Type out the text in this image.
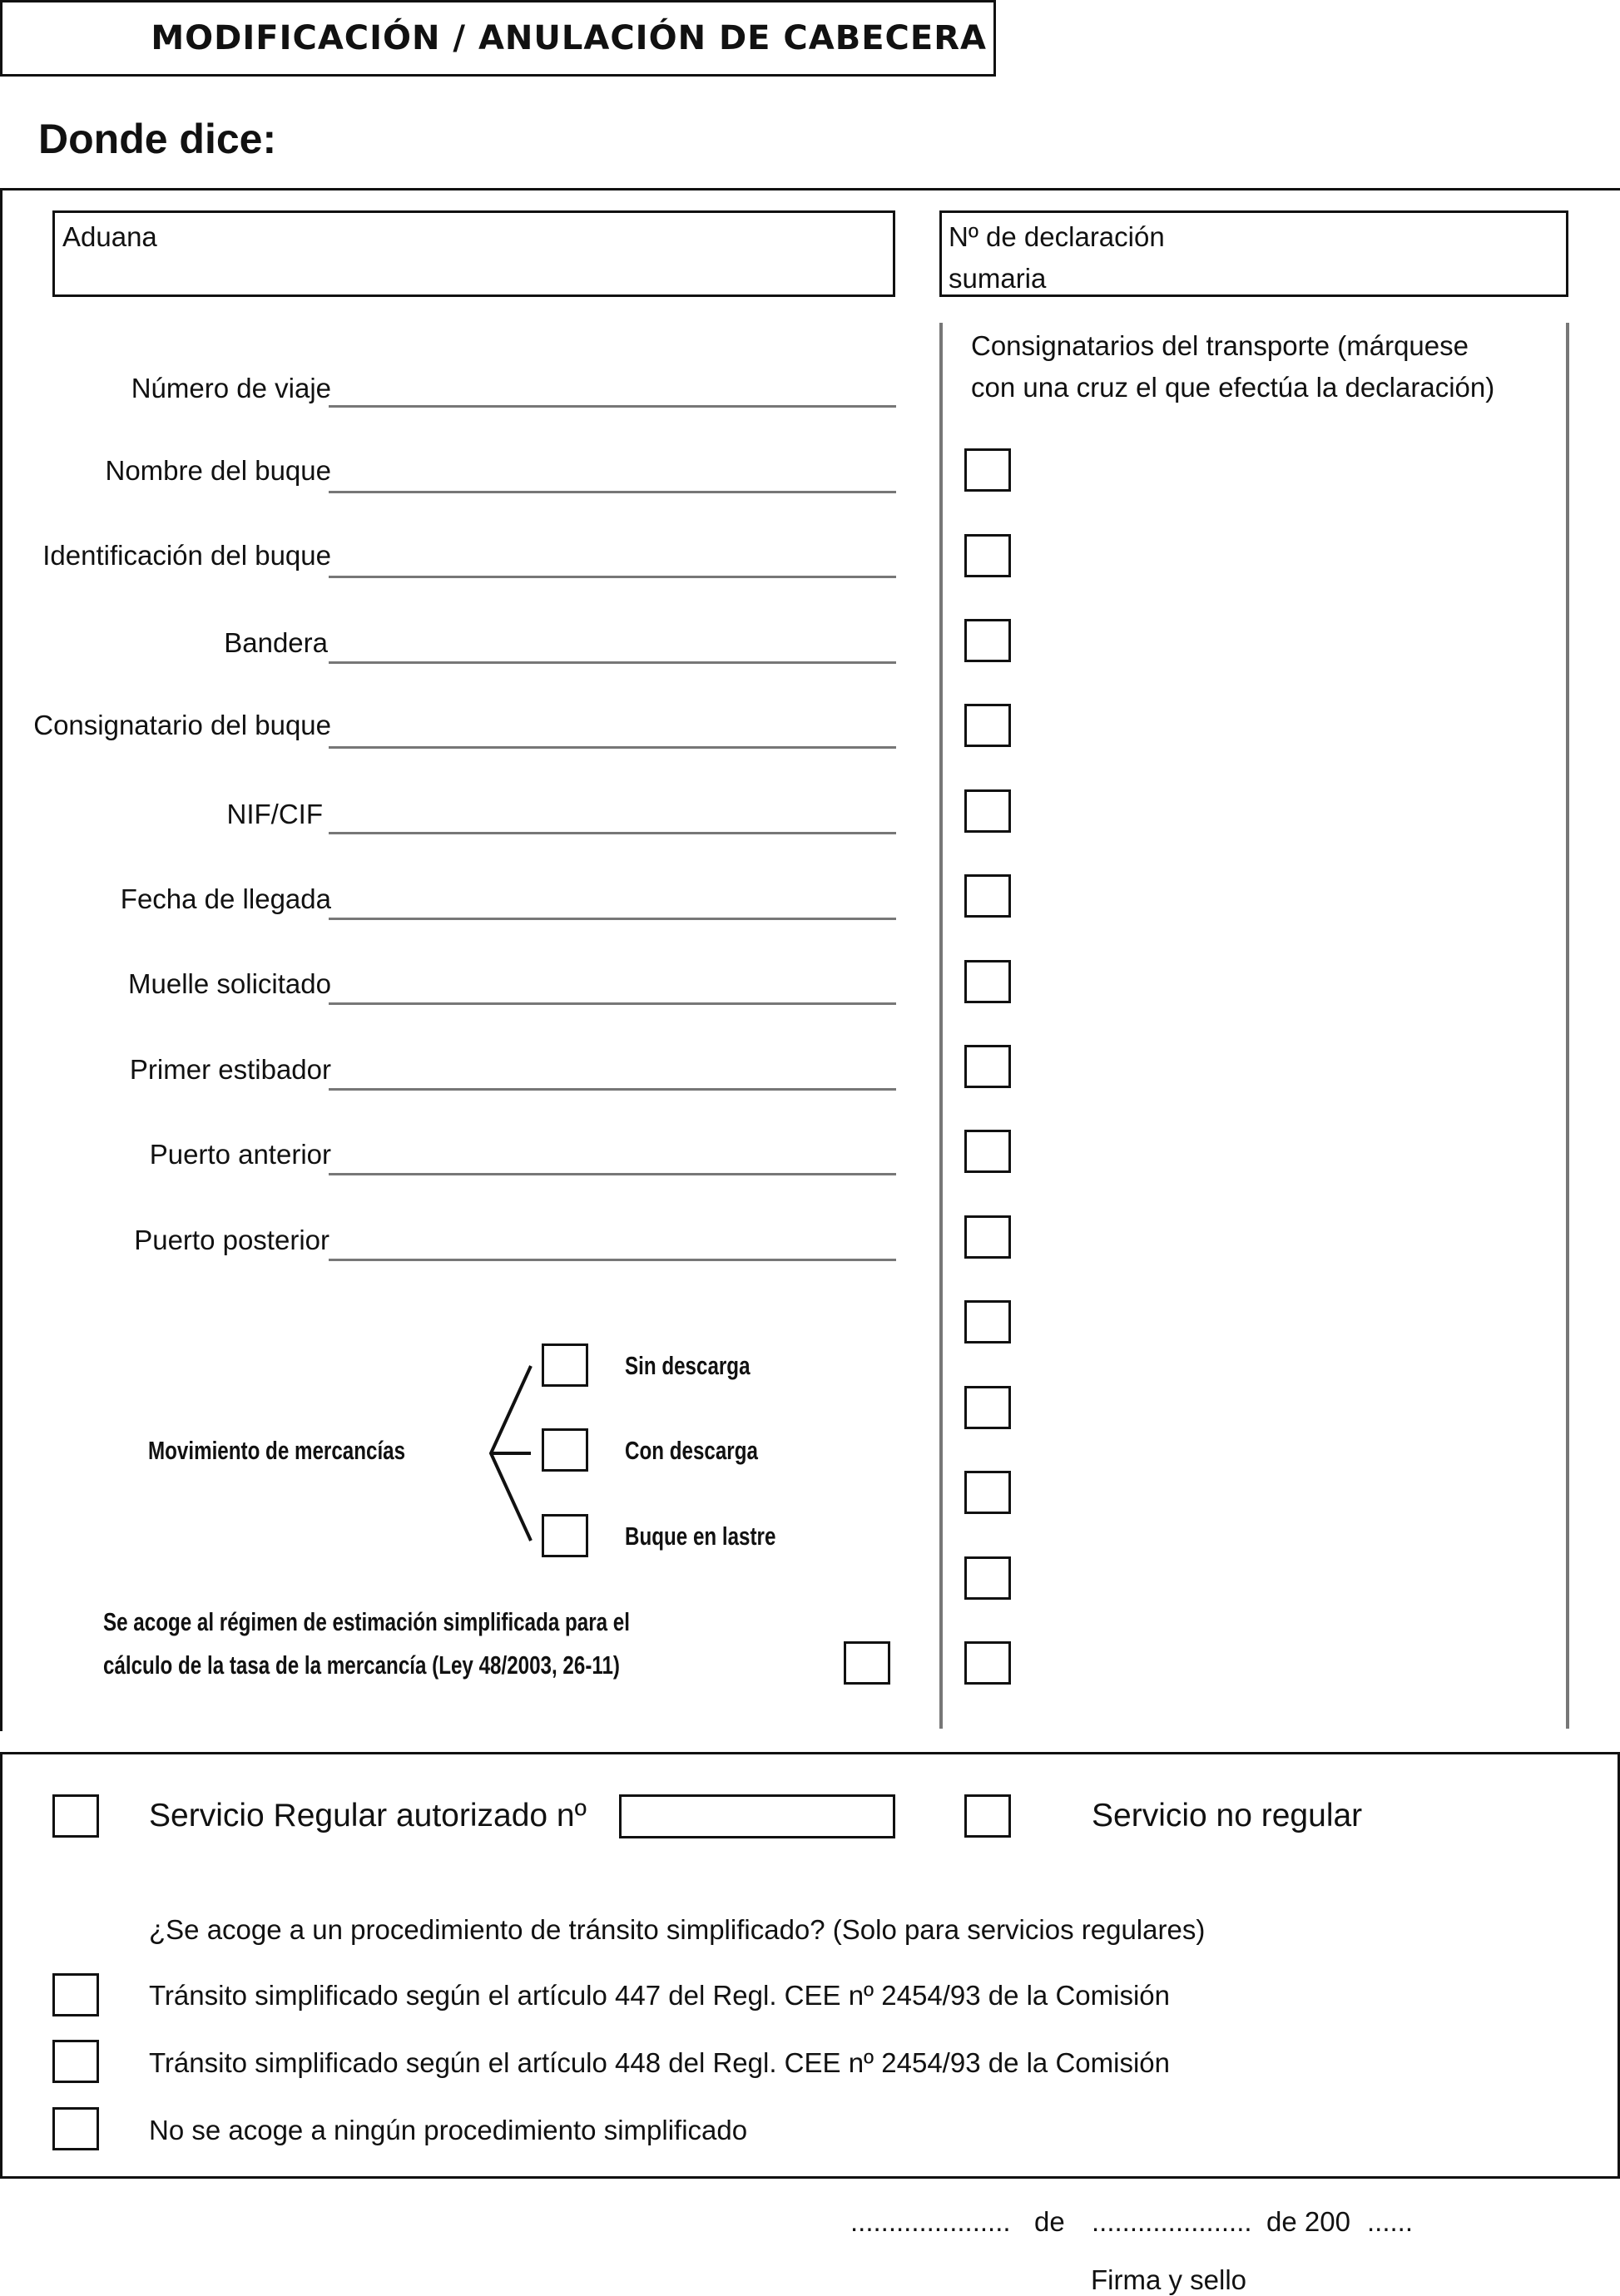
MODIFICACIÓN / ANULACIÓN DE CABECERA
Donde dice:
Aduana	Nº de declaración
sumaria
Consignatarios del transporte (márquese
con una cruz el que efectúa la declaración)
Número de viaje
Nombre del buque
Identificación del buque
Bandera
Consignatario del buque
NIF/CIF
Fecha de llegada
Muelle solicitado
Primer estibador
Puerto anterior
Puerto posterior
Movimiento de mercancías
Sin descarga
Con descarga
Buque en lastre
Se acoge al régimen de estimación simplificada para el
cálculo de la tasa de la mercancía (Ley 48/2003, 26-11)
Servicio Regular autorizado nº	Servicio no regular
¿Se acoge a un procedimiento de tránsito simplificado? (Solo para servicios regulares)
Tránsito simplificado según el artículo 447 del Regl. CEE nº 2454/93 de la Comisión
Tránsito simplificado según el artículo 448 del Regl. CEE nº 2454/93 de la Comisión
No se acoge a ningún procedimiento simplificado
..................... de ..................... de 200 ......
Firma y sello
